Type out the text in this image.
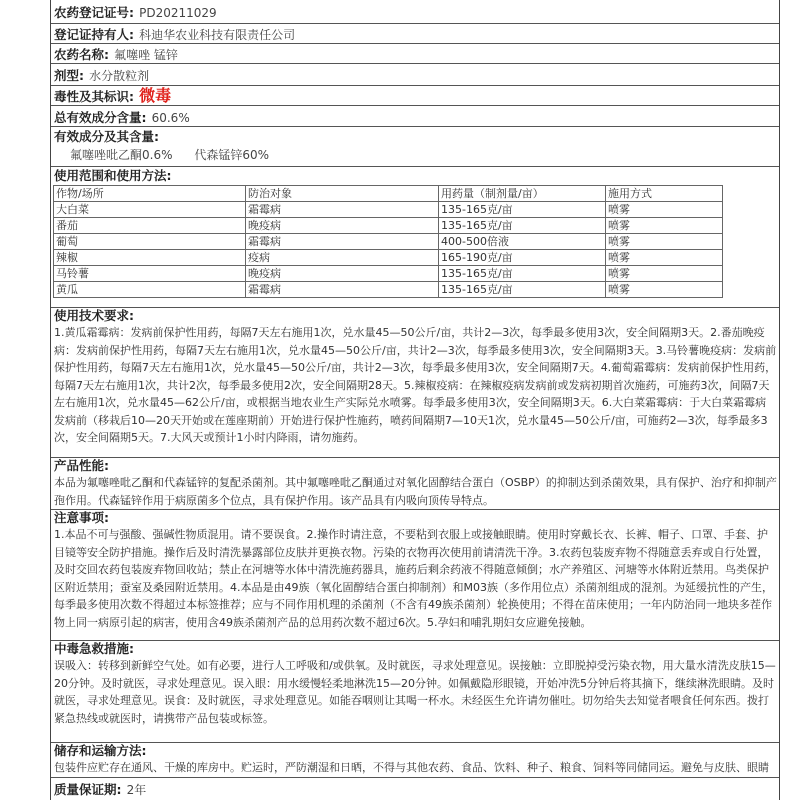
农药登记证号: PD20211029
登记证持有人: 科迪华农业科技有限责任公司
农药名称: 氟噻唑 锰锌
剂型: 水分散粒剂
毒性及其标识: 微毒
总有效成分含量: 60.6%
有效成分及其含量:
氟噻唑吡乙酮0.6% 代森锰锌60%
使用范围和使用方法:
作物/场所	防治对象	用药量（制剂量/亩）	施用方式
大白菜	霜霉病	135-165克/亩	喷雾
番茄	晚疫病	135-165克/亩	喷雾
葡萄	霜霉病	400-500倍液	喷雾
辣椒	疫病	165-190克/亩	喷雾
马铃薯	晚疫病	135-165克/亩	喷雾
黄瓜	霜霉病	135-165克/亩	喷雾
使用技术要求:
1.黄瓜霜霉病：发病前保护性用药，每隔7天左右施用1次，兑水量45—50公斤/亩，共计2—3次，每季最多使用3次，安全间隔期3天。2.番茄晚疫病：发病前保护性用药，每隔7天左右施用1次，兑水量45—50公斤/亩，共计2—3次，每季最多使用3次，安全间隔期3天。3.马铃薯晚疫病：发病前保护性用药，每隔7天左右施用1次，兑水量45—50公斤/亩，共计2—3次，每季最多使用3次，安全间隔期7天。4.葡萄霜霉病：发病前保护性用药，每隔7天左右施用1次，共计2次，每季最多使用2次，安全间隔期28天。5.辣椒疫病：在辣椒疫病发病前或发病初期首次施药，可施药3次，间隔7天左右施用1次，兑水量45—62公斤/亩，或根据当地农业生产实际兑水喷雾。每季最多使用3次，安全间隔期3天。6.大白菜霜霉病：于大白菜霜霉病发病前（移栽后10—20天开始或在莲座期前）开始进行保护性施药，喷药间隔期7—10天1次，兑水量45—50公斤/亩，可施药2—3次，每季最多3次，安全间隔期5天。7.大风天或预计1小时内降雨，请勿施药。
产品性能:
本品为氟噻唑吡乙酮和代森锰锌的复配杀菌剂。其中氟噻唑吡乙酮通过对氧化固醇结合蛋白（OSBP）的抑制达到杀菌效果，具有保护、治疗和抑制产孢作用。代森锰锌作用于病原菌多个位点，具有保护作用。该产品具有内吸向顶传导特点。
注意事项:
1.本品不可与强酸、强碱性物质混用。请不要误食。2.操作时请注意，不要粘到衣服上或接触眼睛。使用时穿戴长衣、长裤、帽子、口罩、手套、护目镜等安全防护措施。操作后及时清洗暴露部位皮肤并更换衣物。污染的衣物再次使用前请清洗干净。3.农药包装废弃物不得随意丢弃或自行处置，及时交回农药包装废弃物回收站；禁止在河塘等水体中清洗施药器具，施药后剩余药液不得随意倾倒；水产养殖区、河塘等水体附近禁用。鸟类保护区附近禁用；蚕室及桑园附近禁用。4.本品是由49族（氧化固醇结合蛋白抑制剂）和M03族（多作用位点）杀菌剂组成的混剂。为延缓抗性的产生，每季最多使用次数不得超过本标签推荐；应与不同作用机理的杀菌剂（不含有49族杀菌剂）轮换使用；不得在苗床使用；一年内防治同一地块多茬作物上同一病原引起的病害，使用含49族杀菌剂产品的总用药次数不超过6次。5.孕妇和哺乳期妇女应避免接触。
中毒急救措施:
误吸入：转移到新鲜空气处。如有必要，进行人工呼吸和/或供氧。及时就医，寻求处理意见。误接触：立即脱掉受污染衣物，用大量水清洗皮肤15—20分钟。及时就医，寻求处理意见。误入眼：用水缓慢轻柔地淋洗15—20分钟。如佩戴隐形眼镜，开始冲洗5分钟后将其摘下，继续淋洗眼睛。及时就医，寻求处理意见。误食：及时就医，寻求处理意见。如能吞咽则让其喝一杯水。未经医生允许请勿催吐。切勿给失去知觉者喂食任何东西。拨打紧急热线或就医时，请携带产品包装或标签。
储存和运输方法:
包装件应贮存在通风、干燥的库房中。贮运时，严防潮湿和日晒，不得与其他农药、食品、饮料、种子、粮食、饲料等同储同运。避免与皮肤、眼睛
质量保证期: 2年
